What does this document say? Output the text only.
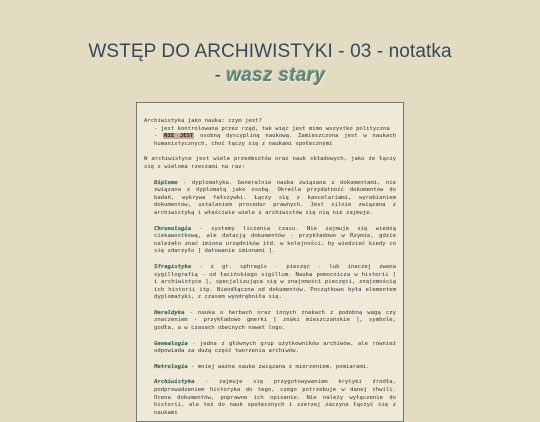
WSTĘP DO ARCHIWISTYKI - 03 - notatka
- wasz stary

Archiwistyka jako nauka: czym jest?

- jest kontrolowana przez rząd, tak więc jest mimo wszystko polityczna

- NIE JEST osobną dyscypliną naukową. Zamieszczona jest w naukach humanistycznych, choć łączy się z naukami społecznymi

W archiwistyce jest wiele przedmiotów oraz nauk składowych, jako że łączy się z wieloma rzeczami na raz:

Diplome - dyplomatyka. Generalnie nauka związana z dokumentami, nie związana z dyplomatą jako osobą. Określa przydatność dokumentów do badań, wykrywa fałszywki. Łączy się z kancelariami, wyrabianiem dokumentów, ustalaniem procedur prawnych. Jest silnie związana z archiwistyką i właściwie wiele z archiwistów się nią nie zajmuje.

Chronologia - systemy liczenia czasu. Nie zajmuje się wiedzą ciekawostkową, ale datacją dokumentów - przykładowo w Rzymie, gdzie należało znać imiona urzędników itd. w kolejności, by wiedzieć kiedy co się zdarzyło [ datowanie imionami ].

Sfragistyka - z gr. sphragis - pieczęć - lub inaczej zwana sygillografią - od łacińskiego sigillum. Nauka pomocnicza w historii [ i archiwistyce ], specjalizująca się w znajomości pieczęci, znajomością ich historii itp. Nieodłączna od dokumentów. Początkowo była elementem dyplomatyki, z czasem wyodrębniła się.

Heraldyka - nauka o herbach oraz innych znakach z podobną wagą czy znaczeniem - przykładowo gmerki [ znaki mieszczańskie ], symbole, godła, a w czasach obecnych nawet logo.

Genealogia - jedna z głównych grup użytkowników archiwów, ale również odpowiada za dużą część tworzenia archiwów.

Metrologia - mniej ważna nauka związana z mierzeniem, pomiarami.

Archiwistyka - zajmuje się przygotowywaniem krytyki źródła, podprowadzeniem historyka do tego, czego potrzebuje w danej chwili. Ocena dokumentów, poprawne ich opisanie. Nie należy wyłączenie do historii, ale też do nauk społecznych i szerzej zaczyna łączyć się z naukami
